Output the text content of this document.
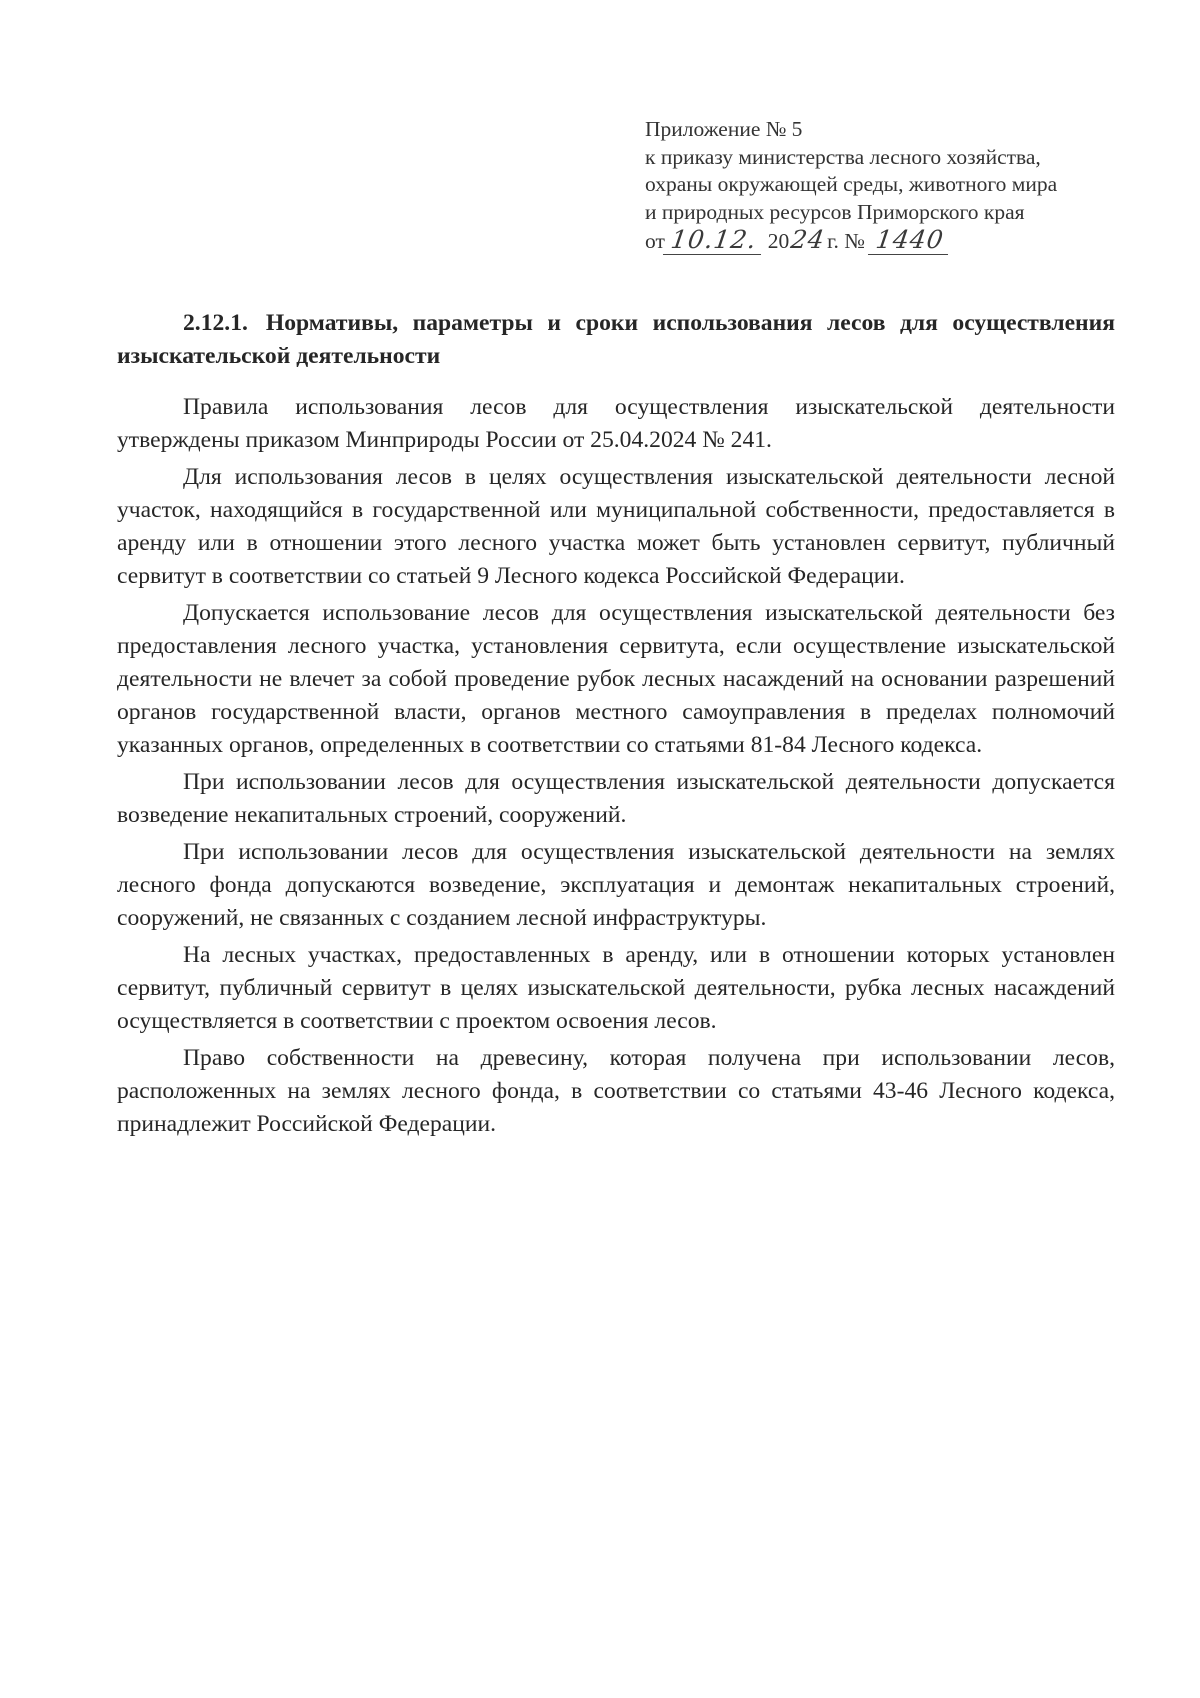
Приложение № 5
к приказу министерства лесного хозяйства,
охраны окружающей среды, животного мира
и природных ресурсов Приморского края
от 10.12. 2024г. № 1440

2.12.1. Нормативы, параметры и сроки использования лесов для осуществления изыскательской деятельности

Правила использования лесов для осуществления изыскательской деятельности утверждены приказом Минприроды России от 25.04.2024 № 241.

Для использования лесов в целях осуществления изыскательской деятельности лесной участок, находящийся в государственной или муниципальной собственности, предоставляется в аренду или в отношении этого лесного участка может быть установлен сервитут, публичный сервитут в соответствии со статьей 9 Лесного кодекса Российской Федерации.

Допускается использование лесов для осуществления изыскательской деятельности без предоставления лесного участка, установления сервитута, если осуществление изыскательской деятельности не влечет за собой проведение рубок лесных насаждений на основании разрешений органов государственной власти, органов местного самоуправления в пределах полномочий указанных органов, определенных в соответствии со статьями 81-84 Лесного кодекса.

При использовании лесов для осуществления изыскательской деятельности допускается возведение некапитальных строений, сооружений.

При использовании лесов для осуществления изыскательской деятельности на землях лесного фонда допускаются возведение, эксплуатация и демонтаж некапитальных строений, сооружений, не связанных с созданием лесной инфраструктуры.

На лесных участках, предоставленных в аренду, или в отношении которых установлен сервитут, публичный сервитут в целях изыскательской деятельности, рубка лесных насаждений осуществляется в соответствии с проектом освоения лесов.

Право собственности на древесину, которая получена при использовании лесов, расположенных на землях лесного фонда, в соответствии со статьями 43-46 Лесного кодекса, принадлежит Российской Федерации.
